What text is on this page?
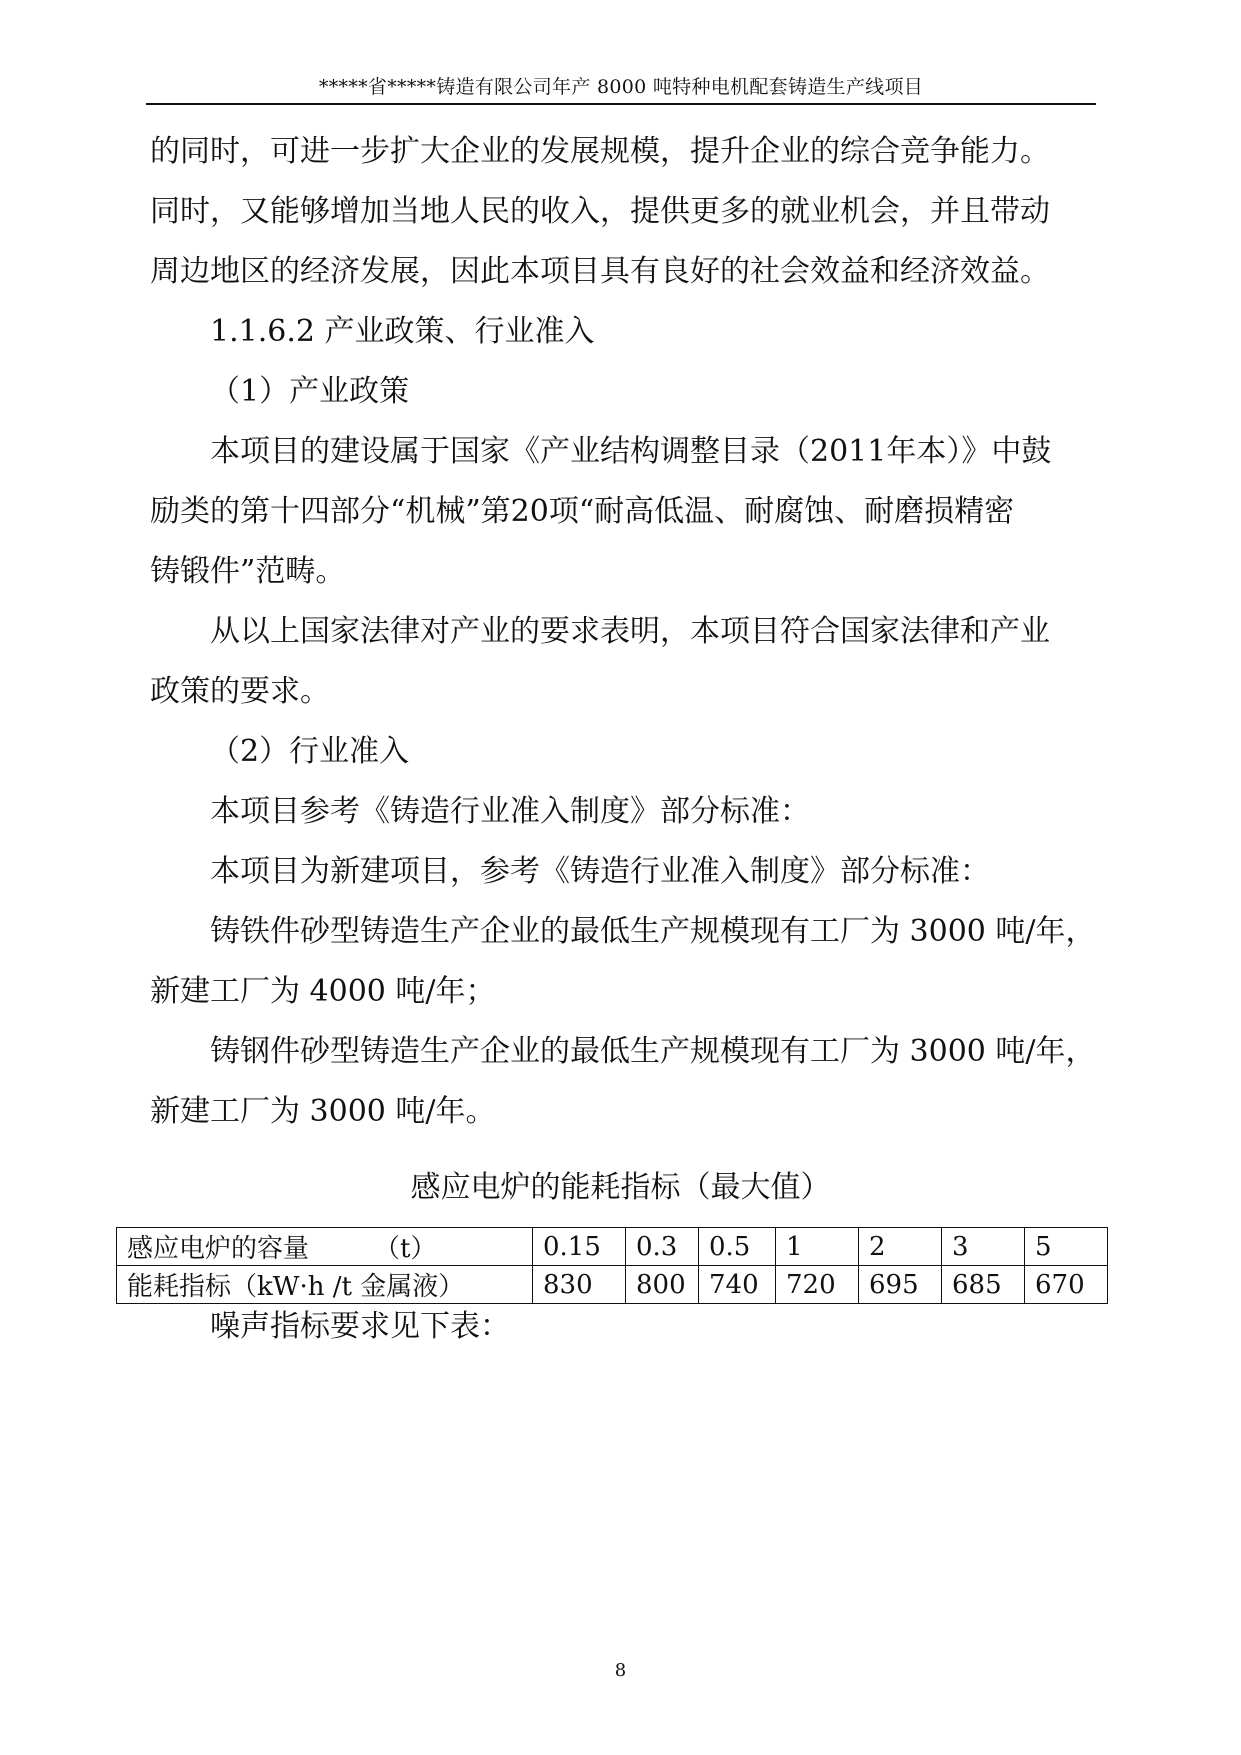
*****省*****铸造有限公司年产 8000 吨特种电机配套铸造生产线项目
的同时，可进一步扩大企业的发展规模，提升企业的综合竞争能力。
同时，又能够增加当地人民的收入，提供更多的就业机会，并且带动
周边地区的经济发展，因此本项目具有良好的社会效益和经济效益。
1.1.6.2 产业政策、行业准入
（1）产业政策
本项目的建设属于国家《产业结构调整目录（2011年本）》中鼓
励类的第十四部分“机械”第20项“耐高低温、耐腐蚀、耐磨损精密
铸锻件”范畴。
从以上国家法律对产业的要求表明，本项目符合国家法律和产业
政策的要求。
（2）行业准入
本项目参考《铸造行业准入制度》部分标准：
本项目为新建项目，参考《铸造行业准入制度》部分标准：
铸铁件砂型铸造生产企业的最低生产规模现有工厂为 3000 吨/年，
新建工厂为 4000 吨/年；
铸钢件砂型铸造生产企业的最低生产规模现有工厂为 3000 吨/年，
新建工厂为 3000 吨/年。
感应电炉的能耗指标（最大值）
感应电炉的容量　　　（t）	0.15	0.3	0.5	1	2	3	5
能耗指标（kW·h /t 金属液）	830	800	740	720	695	685	670
噪声指标要求见下表：
8
